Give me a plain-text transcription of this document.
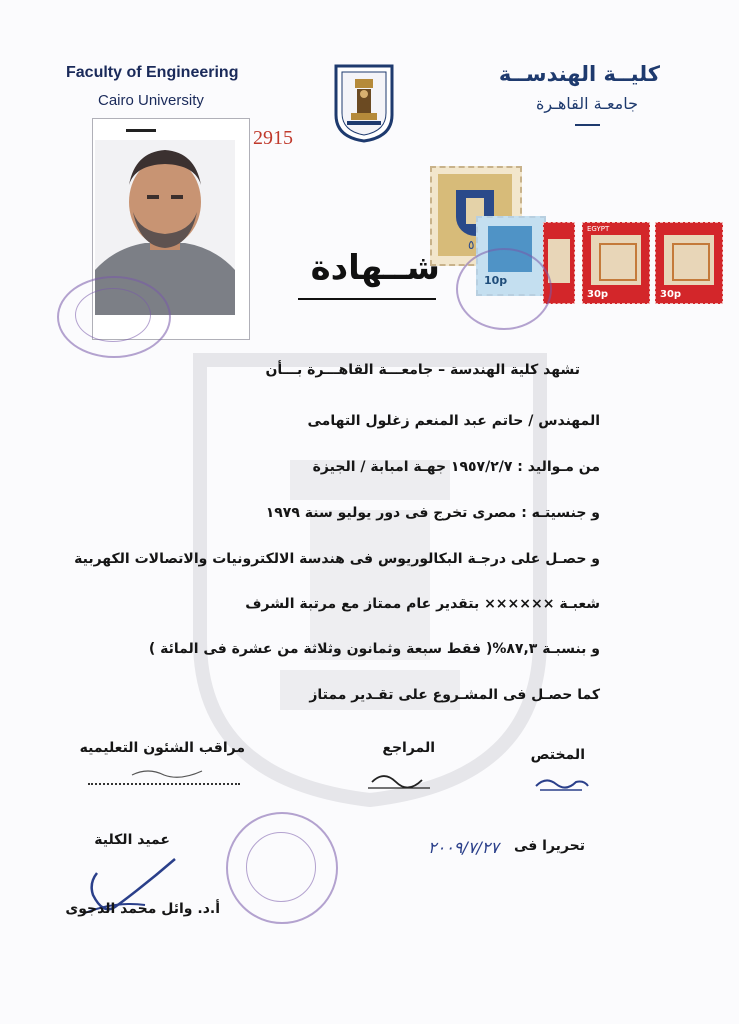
Faculty of Engineering
Cairo University
كليــة الهندســة
جامعـة القاهـرة
2915
٥
10p
EGYPT
30p	30p
شــهادة
تشهد كلية الهندسة – جامعـــة القاهـــرة بـــأن
المهندس / حاتم عبد المنعم زغلول التهامى
من مـواليد : ١٩٥٧/٢/٧ جهـة امبابة / الجيزة
و جنسيتـه : مصرى تخرج فى دور يوليو سنة ١٩٧٩
و حصـل على درجـة البكالوريوس فى هندسة الالكترونيات والاتصالات الكهربية
شعبـة ×××××× بتقدير عام ممتاز مع مرتبة الشرف
و بنسبـة ٨٧,٣%( فقط سبعة وثمانون وثلاثة من عشرة فى المائة )
كما حصـل فى المشـروع على تقـدير ممتاز
المختص
المراجع
مراقب الشئون التعليميه
عميد الكلية
أ.د. وائل محمد الدجوى
تحريرا فى
٢٠٠٩/٧/٢٧
